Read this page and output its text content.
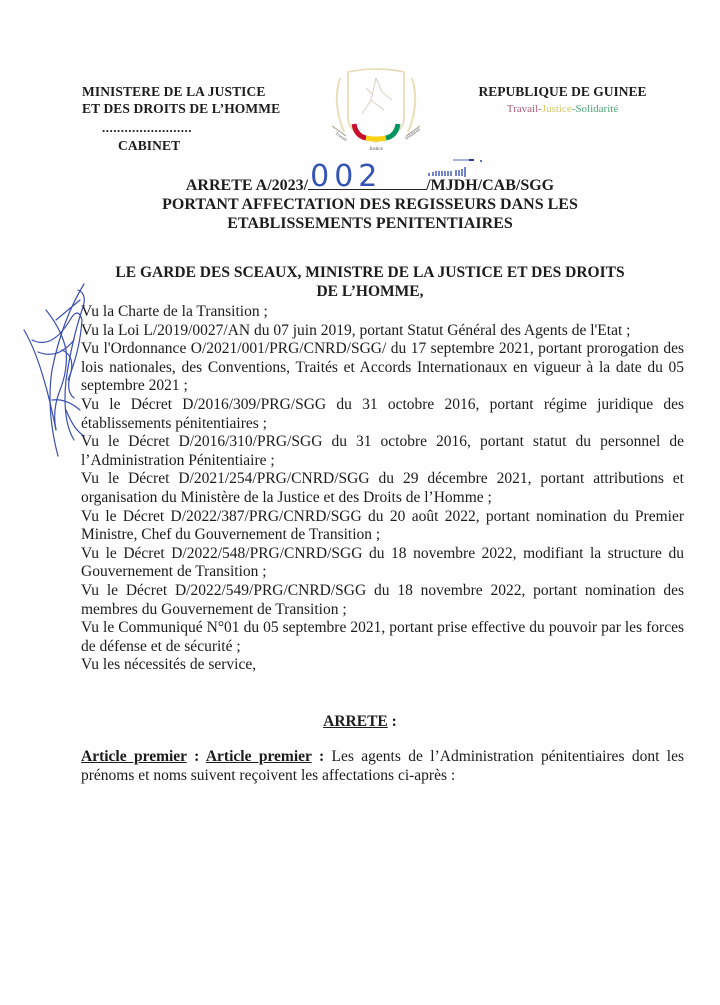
MINISTERE DE LA JUSTICE
ET DES DROITS DE L’HOMME
........................
CABINET
Travail
Justice
Solidarité
REPUBLIQUE DE GUINEE
Travail-Justice-Solidarité
ARRETE A/2023/ 002	/MJDH/CAB/SGG
PORTANT AFFECTATION DES REGISSEURS DANS LES
ETABLISSEMENTS PENITENTIAIRES
LE GARDE DES SCEAUX, MINISTRE DE LA JUSTICE ET DES DROITS
DE L’HOMME,

Vu la Charte de la Transition ;

Vu la Loi L/2019/0027/AN du 07 juin 2019, portant Statut Général des Agents de l'Etat ;

Vu l'Ordonnance O/2021/001/PRG/CNRD/SGG/ du 17 septembre 2021, portant prorogation des lois nationales, des Conventions, Traités et Accords Internationaux en vigueur à la date du 05 septembre 2021 ;

Vu le Décret D/2016/309/PRG/SGG du 31 octobre 2016, portant régime juridique des établissements pénitentiaires ;

Vu le Décret D/2016/310/PRG/SGG du 31 octobre 2016, portant statut du personnel de l’Administration Pénitentiaire ;

Vu le Décret D/2021/254/PRG/CNRD/SGG du 29 décembre 2021, portant attributions et organisation du Ministère de la Justice et des Droits de l’Homme ;

Vu le Décret D/2022/387/PRG/CNRD/SGG du 20 août 2022, portant nomination du Premier Ministre, Chef du Gouvernement de Transition ;

Vu le Décret D/2022/548/PRG/CNRD/SGG du 18 novembre 2022, modifiant la structure du Gouvernement de Transition ;

Vu le Décret D/2022/549/PRG/CNRD/SGG du 18 novembre 2022, portant nomination des membres du Gouvernement de Transition ;

Vu le Communiqué N°01 du 05 septembre 2021, portant prise effective du pouvoir par les forces de défense et de sécurité ;

Vu les nécessités de service,

ARRETE :
Article premier : Article premier : Les agents de l’Administration pénitentiaires dont les prénoms et noms suivent reçoivent les affectations ci-après :
